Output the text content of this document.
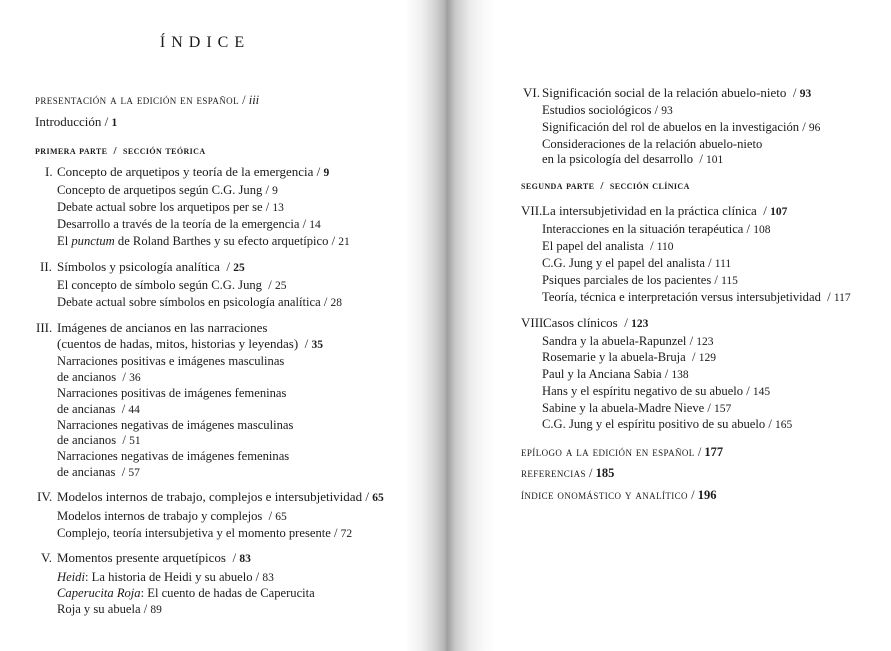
ÍNDICE
presentación a la edición en español / iii
Introducción / 1
primera parte  /  sección teórica
I. Concepto de arquetipos y teoría de la emergencia / 9
Concepto de arquetipos según C.G. Jung / 9
Debate actual sobre los arquetipos per se / 13
Desarrollo a través de la teoría de la emergencia / 14
El punctum de Roland Barthes y su efecto arquetípico / 21
II. Símbolos y psicología analítica  / 25
El concepto de símbolo según C.G. Jung  / 25
Debate actual sobre símbolos en psicología analítica / 28
III. Imágenes de ancianos en las narraciones
(cuentos de hadas, mitos, historias y leyendas)  / 35
Narraciones positivas e imágenes masculinas
de ancianos  / 36
Narraciones positivas de imágenes femeninas
de ancianas  / 44
Narraciones negativas de imágenes masculinas
de ancianos  / 51
Narraciones negativas de imágenes femeninas
de ancianas  / 57
IV. Modelos internos de trabajo, complejos e intersubjetividad / 65
Modelos internos de trabajo y complejos  / 65
Complejo, teoría intersubjetiva y el momento presente / 72
V. Momentos presente arquetípicos  / 83
Heidi: La historia de Heidi y su abuelo / 83
Caperucita Roja: El cuento de hadas de Caperucita
Roja y su abuela / 89
VI. Significación social de la relación abuelo-nieto  / 93
Estudios sociológicos / 93
Significación del rol de abuelos en la investigación / 96
Consideraciones de la relación abuelo-nieto
en la psicología del desarrollo  / 101
segunda parte  /  sección clínica
VII. La intersubjetividad en la práctica clínica  / 107
Interacciones en la situación terapéutica / 108
El papel del analista  / 110
C.G. Jung y el papel del analista / 111
Psiques parciales de los pacientes / 115
Teoría, técnica e interpretación versus intersubjetividad  / 117
VIII.
Casos clínicos  / 123
Sandra y la abuela-Rapunzel / 123
Rosemarie y la abuela-Bruja  / 129
Paul y la Anciana Sabia / 138
Hans y el espíritu negativo de su abuelo / 145
Sabine y la abuela-Madre Nieve / 157
C.G. Jung y el espíritu positivo de su abuelo / 165
epílogo a la edición en español / 177
referencias / 185
índice onomástico y analítico / 196
